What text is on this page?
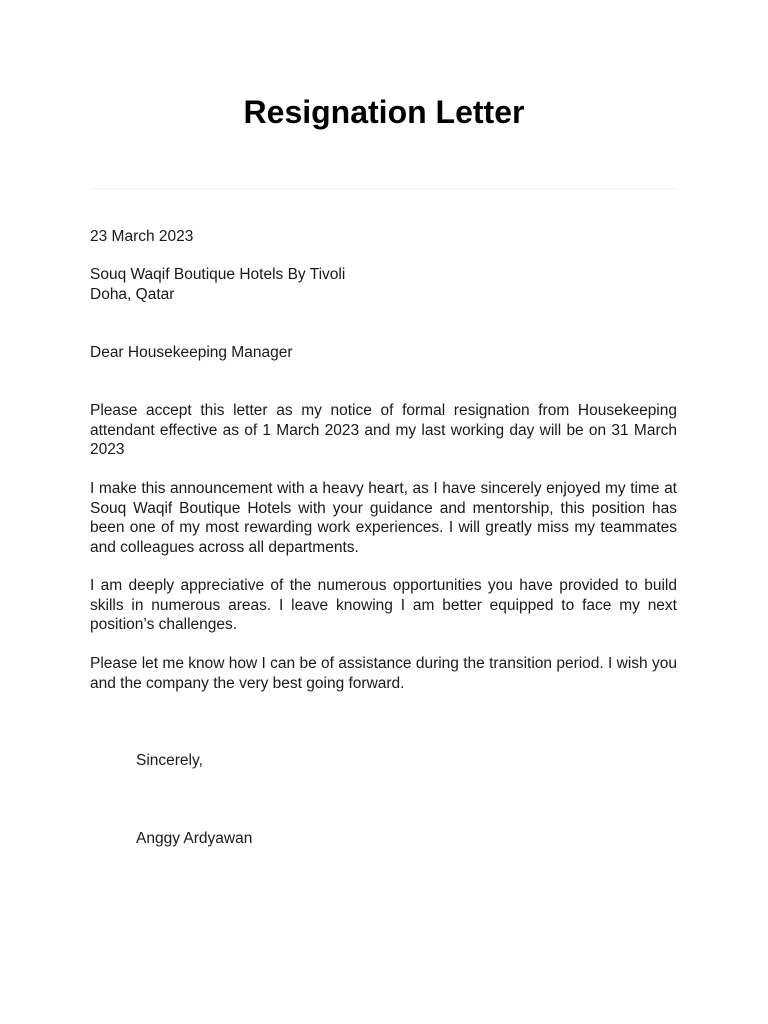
Resignation Letter

23 March 2023

Souq Waqif Boutique Hotels By Tivoli
Doha, Qatar

Dear Housekeeping Manager

Please accept this letter as my notice of formal resignation from Housekeeping attendant effective as of 1 March 2023 and my last working day will be on 31 March 2023

I make this announcement with a heavy heart, as I have sincerely enjoyed my time at Souq Waqif Boutique Hotels with your guidance and mentorship, this position has been one of my most rewarding work experiences. I will greatly miss my teammates and colleagues across all departments.

I am deeply appreciative of the numerous opportunities you have provided to build skills in numerous areas. I leave knowing I am better equipped to face my next position’s challenges.

Please let me know how I can be of assistance during the transition period. I wish you and the company the very best going forward.

Sincerely,

Anggy Ardyawan
